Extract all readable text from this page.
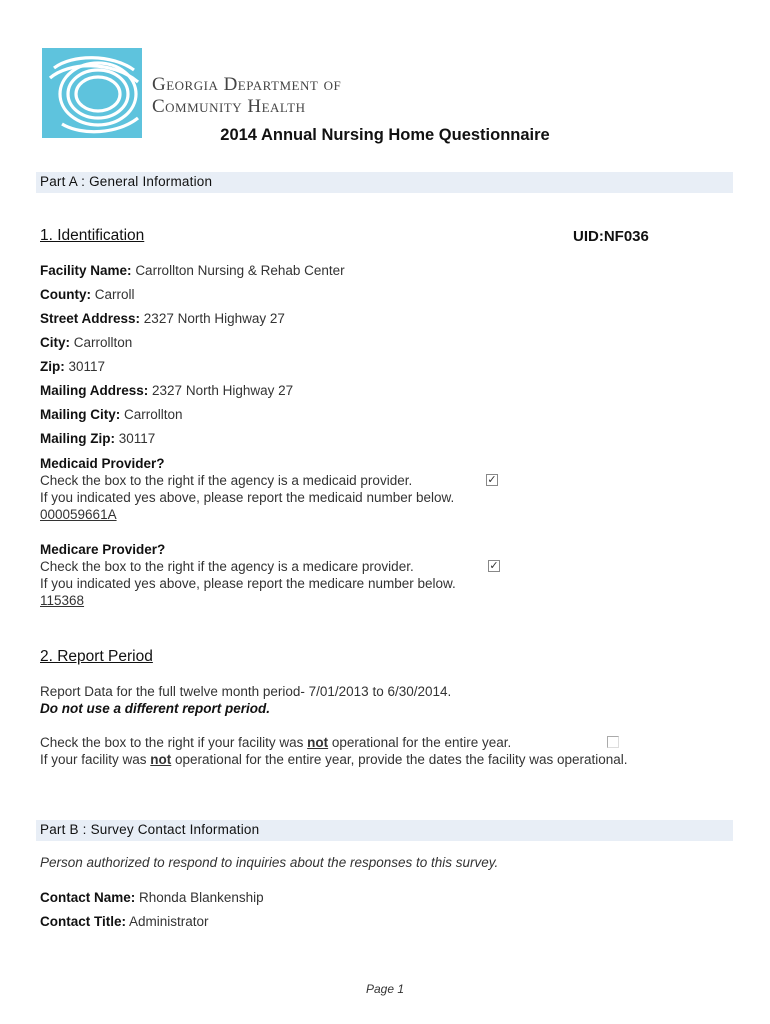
Georgia Department of
Community Health
2014 Annual Nursing Home Questionnaire
Part A : General Information
1. Identification	UID:NF036
Facility Name: Carrollton Nursing & Rehab Center
County: Carroll
Street Address: 2327 North Highway 27
City: Carrollton
Zip: 30117
Mailing Address: 2327 North Highway 27
Mailing City: Carrollton
Mailing Zip: 30117
Medicaid Provider?
Check the box to the right if the agency is a medicaid provider.	✓
If you indicated yes above, please report the medicaid number below.
000059661A
Medicare Provider?
Check the box to the right if the agency is a medicare provider.	✓
If you indicated yes above, please report the medicare number below.
115368
2. Report Period
Report Data for the full twelve month period- 7/01/2013 to 6/30/2014.
Do not use a different report period.
Check the box to the right if your facility was not operational for the entire year.
If your facility was not operational for the entire year, provide the dates the facility was operational.
Part B : Survey Contact Information
Person authorized to respond to inquiries about the responses to this survey.
Contact Name: Rhonda Blankenship
Contact Title: Administrator
Page 1
